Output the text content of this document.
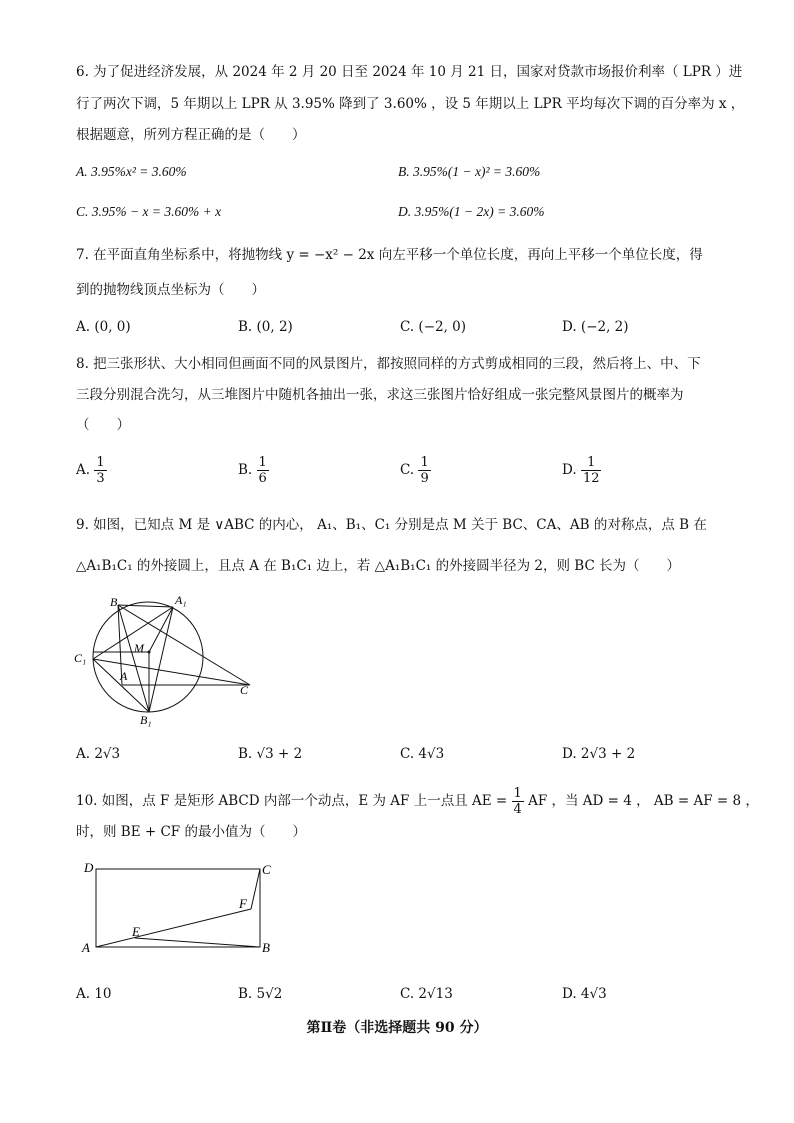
6. 为了促进经济发展，从 2024 年 2 月 20 日至 2024 年 10 月 21 日，国家对贷款市场报价利率（ LPR ）进
行了两次下调，5 年期以上 LPR 从 3.95% 降到了 3.60% ，设 5 年期以上 LPR 平均每次下调的百分率为 x ，
根据题意，所列方程正确的是（　　）
A. 3.95%x² = 3.60%	B. 3.95%(1 − x)² = 3.60%
C. 3.95% − x = 3.60% + x	D. 3.95%(1 − 2x) = 3.60%
7. 在平面直角坐标系中，将抛物线 y = −x² − 2x 向左平移一个单位长度，再向上平移一个单位长度，得
到的抛物线顶点坐标为（　　）
A. (0, 0)	B. (0, 2)	C. (−2, 0)	D. (−2, 2)
8. 把三张形状、大小相同但画面不同的风景图片，都按照同样的方式剪成相同的三段，然后将上、中、下
三段分别混合洗匀，从三堆图片中随机各抽出一张，求这三张图片恰好组成一张完整风景图片的概率为
（　　）
A. $\frac{1}{3}$	B. $\frac{1}{6}$	C. $\frac{1}{9}$	D. $\frac{1}{12}$
9. 如图，已知点 M 是 ∨ABC 的内心， A₁、B₁、C₁ 分别是点 M 关于 BC、CA、AB 的对称点，点 B 在
△A₁B₁C₁ 的外接圆上，且点 A 在 B₁C₁ 边上，若 △A₁B₁C₁ 的外接圆半径为 2，则 BC 长为（　　）
B	A₁
M
C₁
A
C
B₁
A. 2√3	B. √3 + 2	C. 4√3	D. 2√3 + 2
10. 如图，点 F 是矩形 ABCD 内部一个动点，E 为 AF 上一点且 AE = $\frac{1}{4}$ AF ，当 AD = 4 ， AB = AF = 8 ，
时，则 BE + CF 的最小值为（　　）
D	C
F
E
A	B
A. 10	B. 5√2	C. 2√13	D. 4√3
第Ⅱ卷（非选择题共 90 分）
